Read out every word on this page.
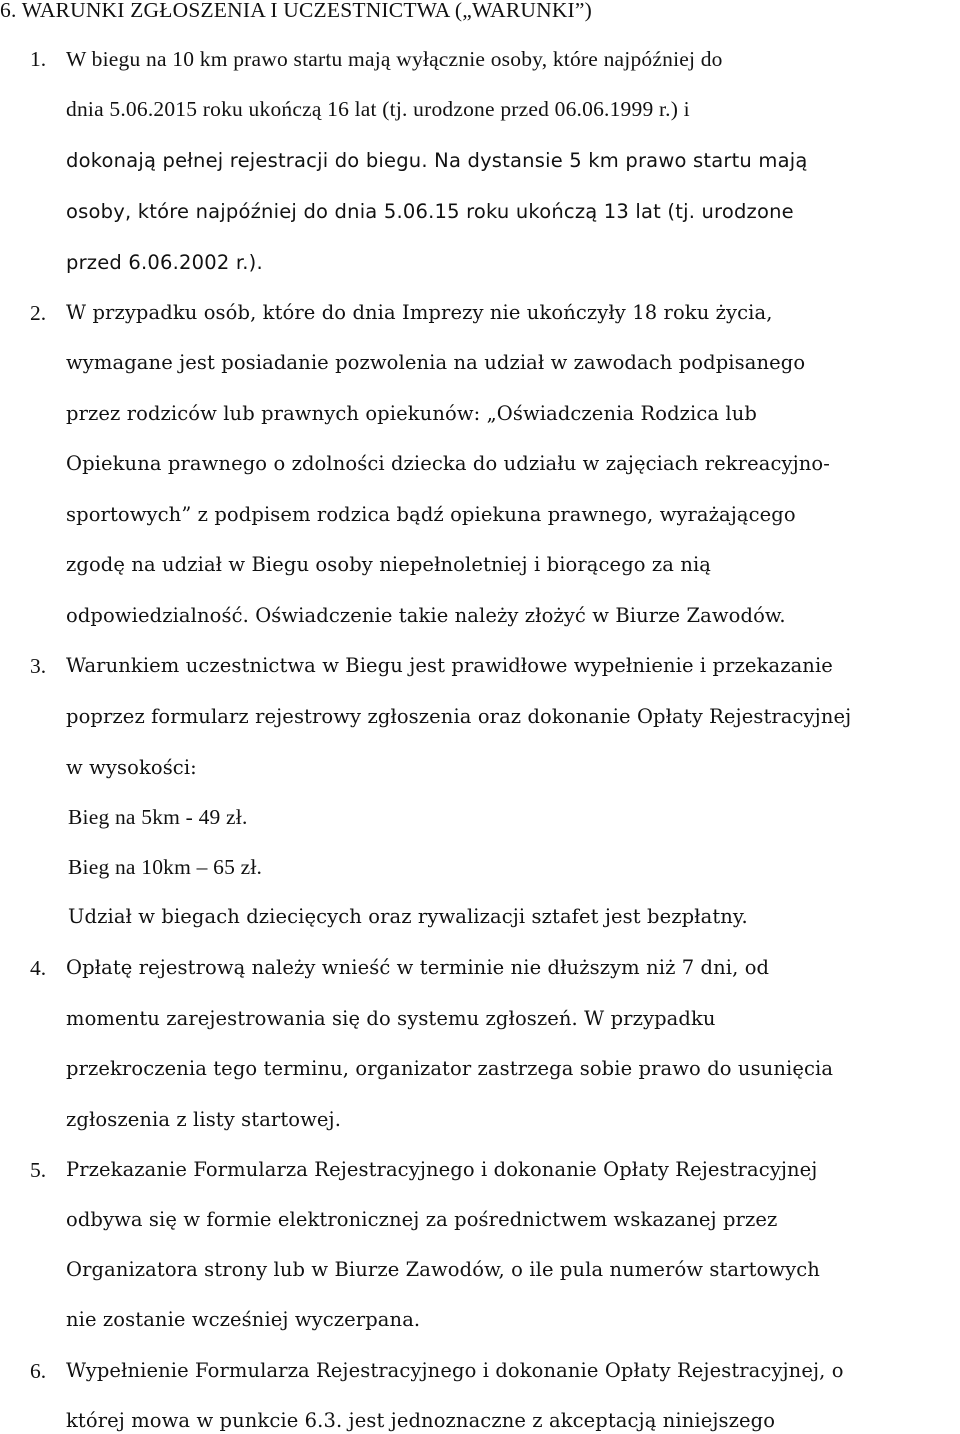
6. WARUNKI ZGŁOSZENIA I UCZESTNICTWA („WARUNKI”)
1. W biegu na 10 km prawo startu mają wyłącznie osoby, które najpóźniej do
dnia 5.06.2015 roku ukończą 16 lat (tj. urodzone przed 06.06.1999 r.) i
dokonają pełnej rejestracji do biegu. Na dystansie 5 km prawo startu mają
osoby, które najpóźniej do dnia 5.06.15 roku ukończą 13 lat (tj. urodzone
przed 6.06.2002 r.).
2. W przypadku osób, które do dnia Imprezy nie ukończyły 18 roku życia,
wymagane jest posiadanie pozwolenia na udział w zawodach podpisanego
przez rodziców lub prawnych opiekunów: „Oświadczenia Rodzica lub
Opiekuna prawnego o zdolności dziecka do udziału w zajęciach rekreacyjno-
sportowych” z podpisem rodzica bądź opiekuna prawnego, wyrażającego
zgodę na udział w Biegu osoby niepełnoletniej i biorącego za nią
odpowiedzialność. Oświadczenie takie należy złożyć w Biurze Zawodów.
3. Warunkiem uczestnictwa w Biegu jest prawidłowe wypełnienie i przekazanie
poprzez formularz rejestrowy zgłoszenia oraz dokonanie Opłaty Rejestracyjnej
w wysokości:
Bieg na 5km - 49 zł.
Bieg na 10km – 65 zł.
Udział w biegach dziecięcych oraz rywalizacji sztafet jest bezpłatny.
4. Opłatę rejestrową należy wnieść w terminie nie dłuższym niż 7 dni, od
momentu zarejestrowania się do systemu zgłoszeń. W przypadku
przekroczenia tego terminu, organizator zastrzega sobie prawo do usunięcia
zgłoszenia z listy startowej.
5. Przekazanie Formularza Rejestracyjnego i dokonanie Opłaty Rejestracyjnej
odbywa się w formie elektronicznej za pośrednictwem wskazanej przez
Organizatora strony lub w Biurze Zawodów, o ile pula numerów startowych
nie zostanie wcześniej wyczerpana.
6. Wypełnienie Formularza Rejestracyjnego i dokonanie Opłaty Rejestracyjnej, o
której mowa w punkcie 6.3. jest jednoznaczne z akceptacją niniejszego
